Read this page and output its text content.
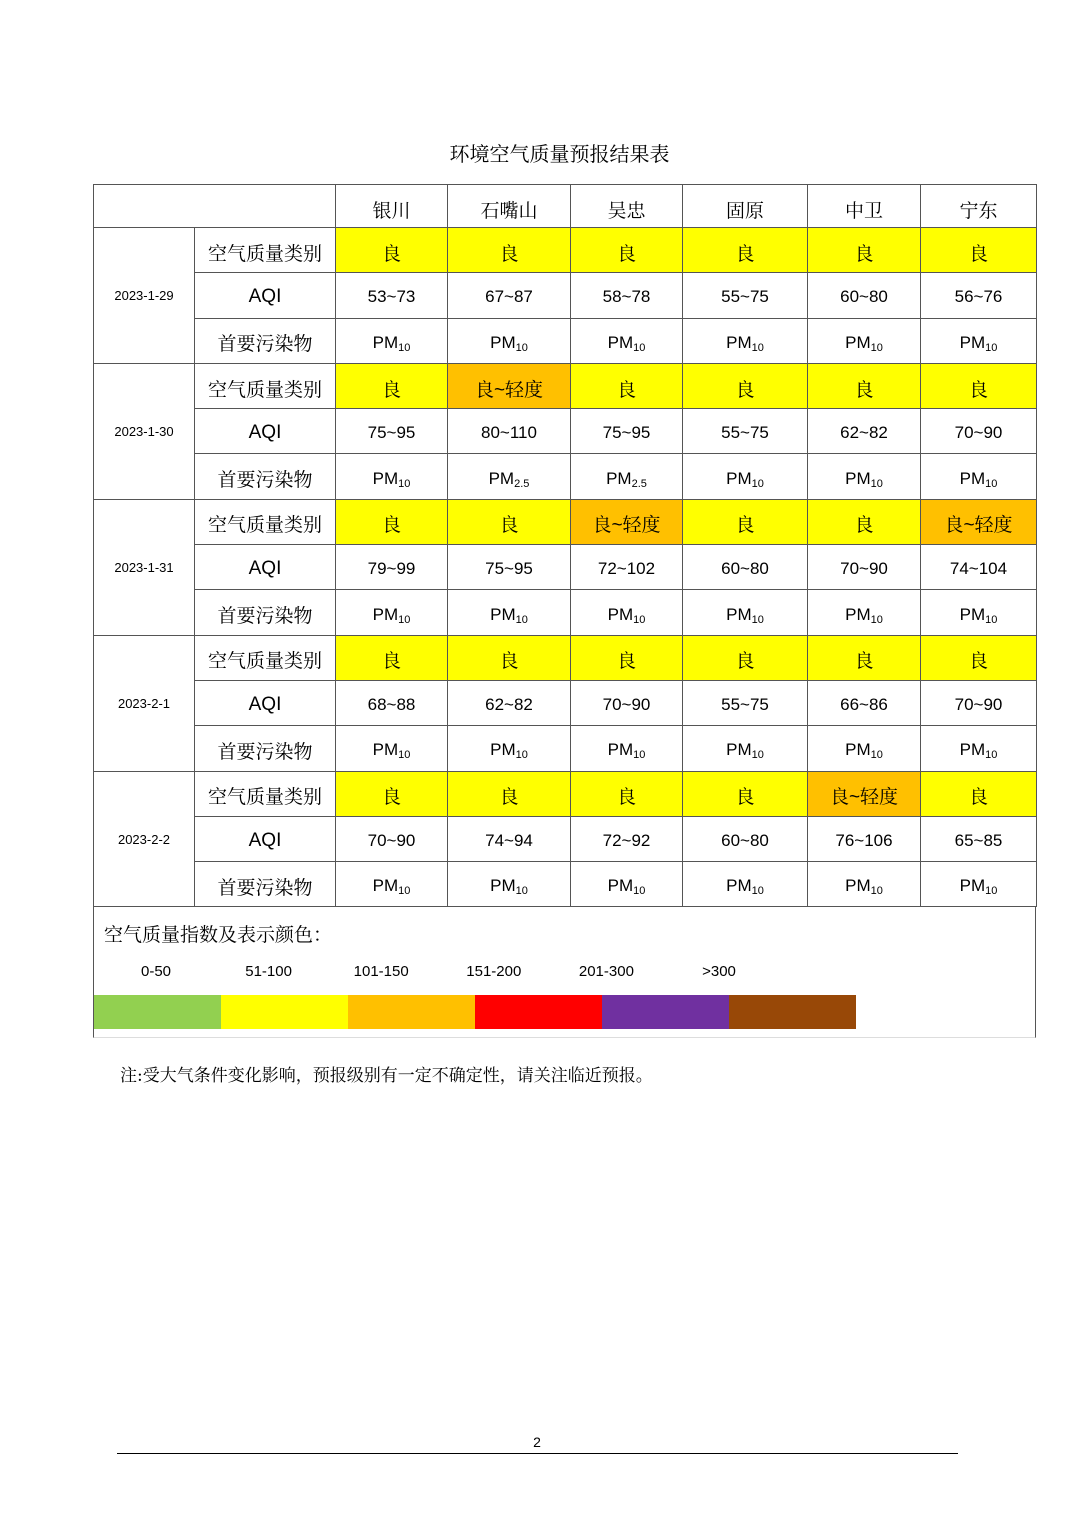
环境空气质量预报结果表
		银川	石嘴山	吴忠	固原	中卫	宁东
2023-1-29	空气质量类别	良	良	良	良	良	良
	AQI	53~73	67~87	58~78	55~75	60~80	56~76
	首要污染物	$PM_{10}$	$PM_{10}$	$PM_{10}$	$PM_{10}$	$PM_{10}$	$PM_{10}$
2023-1-30	空气质量类别	良	良~轻度	良	良	良	良
	AQI	75~95	80~110	75~95	55~75	62~82	70~90
	首要污染物	$PM_{10}$	$PM_{2.5}$	$PM_{2.5}$	$PM_{10}$	$PM_{10}$	$PM_{10}$
2023-1-31	空气质量类别	良	良	良~轻度	良	良	良~轻度
	AQI	79~99	75~95	72~102	60~80	70~90	74~104
	首要污染物	$PM_{10}$	$PM_{10}$	$PM_{10}$	$PM_{10}$	$PM_{10}$	$PM_{10}$
2023-2-1	空气质量类别	良	良	良	良	良	良
	AQI	68~88	62~82	70~90	55~75	66~86	70~90
	首要污染物	$PM_{10}$	$PM_{10}$	$PM_{10}$	$PM_{10}$	$PM_{10}$	$PM_{10}$
2023-2-2	空气质量类别	良	良	良	良	良~轻度	良
	AQI	70~90	74~94	72~92	60~80	76~106	65~85
	首要污染物	$PM_{10}$	$PM_{10}$	$PM_{10}$	$PM_{10}$	$PM_{10}$	$PM_{10}$
空气质量指数及表示颜色：
0-50	51-100	101-150	151-200	201-300	>300
注:受大气条件变化影响，预报级别有一定不确定性，请关注临近预报。
2
